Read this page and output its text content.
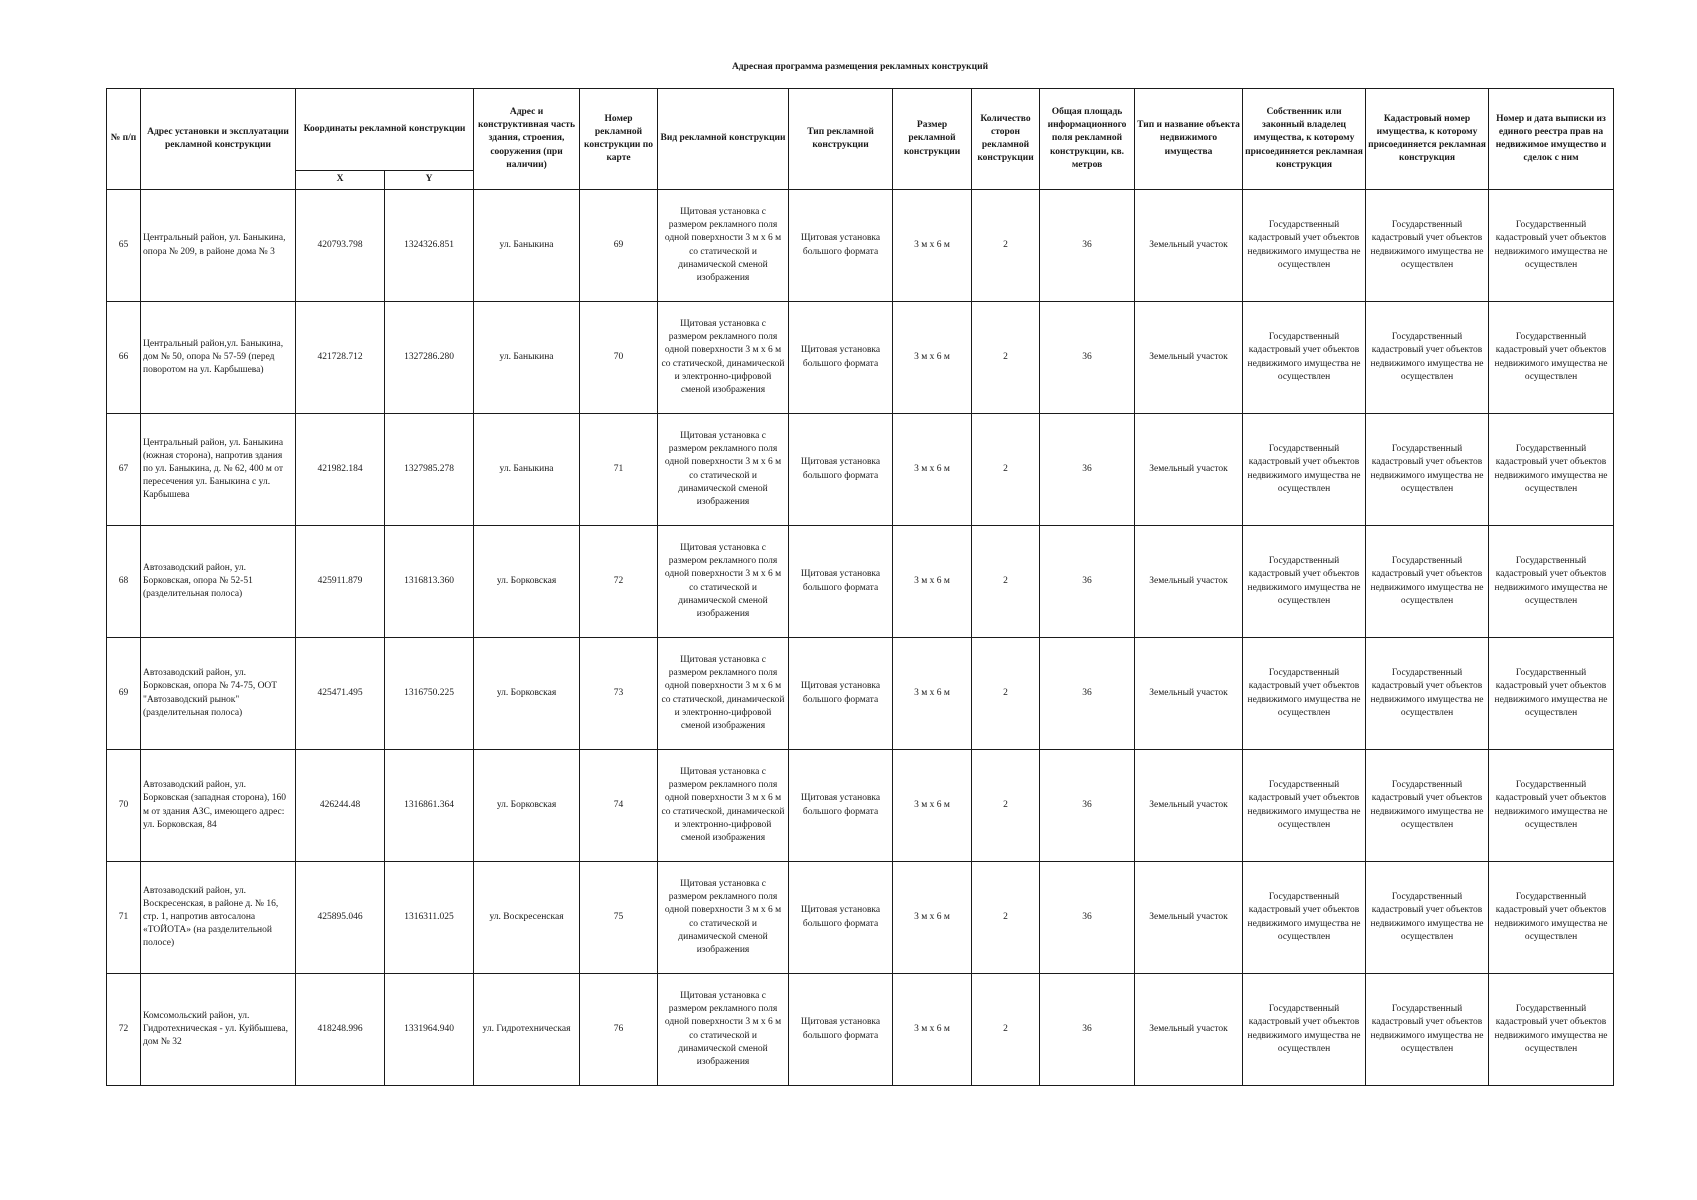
Адресная программа размещения рекламных конструкций
№ п/п	Адрес установки и эксплуатации рекламной конструкции	Координаты рекламной конструкции		Адрес и конструктивная часть здания, строения, сооружения (при наличии)	Номер рекламной конструкции по карте	Вид рекламной конструкции	Тип рекламной конструкции	Размер рекламной конструкции	Количество сторон рекламной конструкции	Общая площадь информационного поля рекламной конструкции, кв. метров	Тип и название объекта недвижимого имущества	Собственник или законный владелец имущества, к которому присоединяется рекламная конструкция	Кадастровый номер имущества, к которому присоединяется рекламная конструкция	Номер и дата выписки из единого реестра прав на недвижимое имущество и сделок с ним
		X	Y											
65	Центральный район, ул. Баныкина, опора № 209, в районе дома № 3	420793.798	1324326.851	ул. Баныкина	69	Щитовая установка с размером рекламного поля одной поверхности 3 м х 6 м со статической и динамической сменой изображения	Щитовая установка большого формата	3 м х 6 м	2	36	Земельный участок	Государственный кадастровый учет объектов недвижимого имущества не осуществлен	Государственный кадастровый учет объектов недвижимого имущества не осуществлен	Государственный кадастровый учет объектов недвижимого имущества не осуществлен
66	Центральный район,ул. Баныкина, дом № 50, опора № 57-59 (перед поворотом на ул. Карбышева)	421728.712	1327286.280	ул. Баныкина	70	Щитовая установка с размером рекламного поля одной поверхности 3 м х 6 м со статической, динамической и электронно-цифровой сменой изображения	Щитовая установка большого формата	3 м х 6 м	2	36	Земельный участок	Государственный кадастровый учет объектов недвижимого имущества не осуществлен	Государственный кадастровый учет объектов недвижимого имущества не осуществлен	Государственный кадастровый учет объектов недвижимого имущества не осуществлен
67	Центральный район, ул. Баныкина (южная сторона), напротив здания по ул. Баныкина, д. № 62, 400 м от пересечения ул. Баныкина с ул. Карбышева	421982.184	1327985.278	ул. Баныкина	71	Щитовая установка с размером рекламного поля одной поверхности 3 м х 6 м со статической и динамической сменой изображения	Щитовая установка большого формата	3 м х 6 м	2	36	Земельный участок	Государственный кадастровый учет объектов недвижимого имущества не осуществлен	Государственный кадастровый учет объектов недвижимого имущества не осуществлен	Государственный кадастровый учет объектов недвижимого имущества не осуществлен
68	Автозаводский район, ул. Борковская, опора № 52-51 (разделительная полоса)	425911.879	1316813.360	ул. Борковская	72	Щитовая установка с размером рекламного поля одной поверхности 3 м х 6 м со статической и динамической сменой изображения	Щитовая установка большого формата	3 м х 6 м	2	36	Земельный участок	Государственный кадастровый учет объектов недвижимого имущества не осуществлен	Государственный кадастровый учет объектов недвижимого имущества не осуществлен	Государственный кадастровый учет объектов недвижимого имущества не осуществлен
69	Автозаводский район, ул. Борковская, опора № 74-75, ООТ "Автозаводский рынок" (разделительная полоса)	425471.495	1316750.225	ул. Борковская	73	Щитовая установка с размером рекламного поля одной поверхности 3 м х 6 м со статической, динамической и электронно-цифровой сменой изображения	Щитовая установка большого формата	3 м х 6 м	2	36	Земельный участок	Государственный кадастровый учет объектов недвижимого имущества не осуществлен	Государственный кадастровый учет объектов недвижимого имущества не осуществлен	Государственный кадастровый учет объектов недвижимого имущества не осуществлен
70	Автозаводский район, ул. Борковская (западная сторона), 160 м от здания АЗС, имеющего адрес: ул. Борковская, 84	426244.48	1316861.364	ул. Борковская	74	Щитовая установка с размером рекламного поля одной поверхности 3 м х 6 м со статической, динамической и электронно-цифровой сменой изображения	Щитовая установка большого формата	3 м х 6 м	2	36	Земельный участок	Государственный кадастровый учет объектов недвижимого имущества не осуществлен	Государственный кадастровый учет объектов недвижимого имущества не осуществлен	Государственный кадастровый учет объектов недвижимого имущества не осуществлен
71	Автозаводский район, ул. Воскресенская, в районе д. № 16, стр. 1, напротив автосалона «ТОЙОТА» (на разделительной полосе)	425895.046	1316311.025	ул. Воскресенская	75	Щитовая установка с размером рекламного поля одной поверхности 3 м х 6 м со статической и динамической сменой изображения	Щитовая установка большого формата	3 м х 6 м	2	36	Земельный участок	Государственный кадастровый учет объектов недвижимого имущества не осуществлен	Государственный кадастровый учет объектов недвижимого имущества не осуществлен	Государственный кадастровый учет объектов недвижимого имущества не осуществлен
72	Комсомольский район, ул. Гидротехническая - ул. Куйбышева, дом № 32	418248.996	1331964.940	ул. Гидротехническая	76	Щитовая установка с размером рекламного поля одной поверхности 3 м х 6 м со статической и динамической сменой изображения	Щитовая установка большого формата	3 м х 6 м	2	36	Земельный участок	Государственный кадастровый учет объектов недвижимого имущества не осуществлен	Государственный кадастровый учет объектов недвижимого имущества не осуществлен	Государственный кадастровый учет объектов недвижимого имущества не осуществлен
